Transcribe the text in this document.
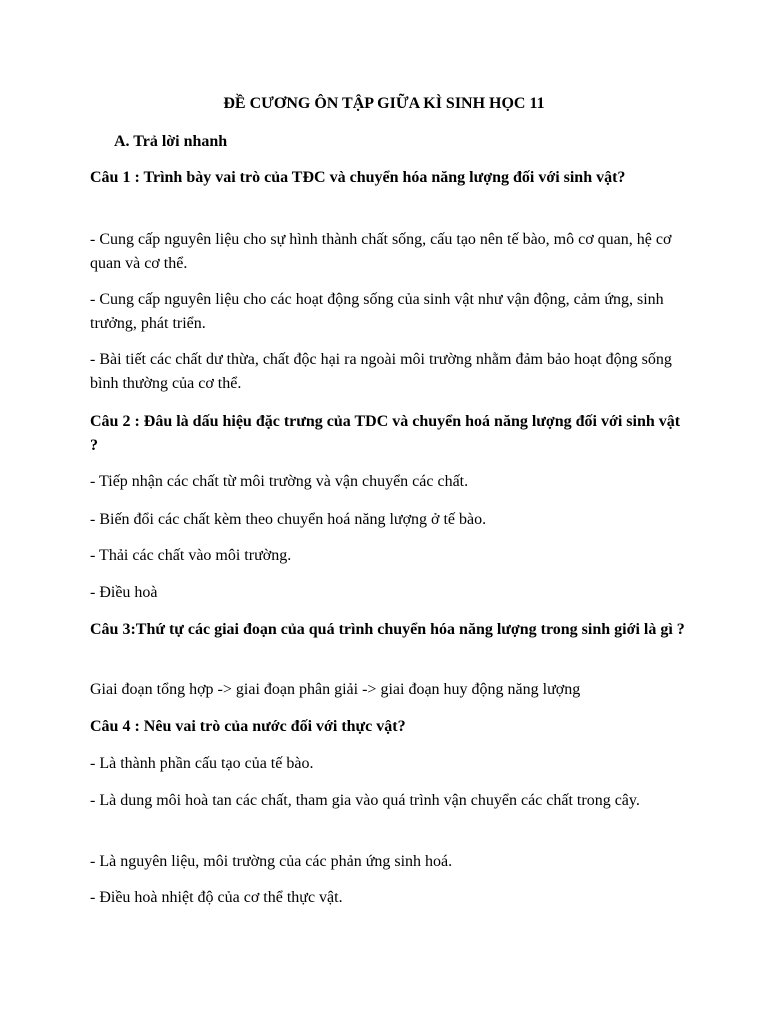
ĐỀ CƯƠNG ÔN TẬP GIỮA KÌ SINH HỌC 11
A. Trả lời nhanh

Câu 1 : Trình bày vai trò của TĐC và chuyển hóa năng lượng đối với sinh vật?

- Cung cấp nguyên liệu cho sự hình thành chất sống, cấu tạo nên tế bào, mô cơ quan, hệ cơ quan và cơ thể.

- Cung cấp nguyên liệu cho các hoạt động sống của sinh vật như vận động, cảm ứng, sinh trưởng, phát triển.

- Bài tiết các chất dư thừa, chất độc hại ra ngoài môi trường nhằm đảm bảo hoạt động sống bình thường của cơ thể.

Câu 2 : Đâu là dấu hiệu đặc trưng của TDC và chuyển hoá năng lượng đối với sinh vật ?

- Tiếp nhận các chất từ môi trường và vận chuyển các chất.

- Biến đổi các chất kèm theo chuyển hoá năng lượng ở tế bào.

- Thải các chất vào môi trường.

- Điều hoà

Câu 3:Thứ tự các giai đoạn của quá trình chuyển hóa năng lượng trong sinh giới là gì ?

Giai đoạn tổng hợp -> giai đoạn phân giải -> giai đoạn huy động năng lượng

Câu 4 : Nêu vai trò của nước đối với thực vật?

- Là thành phần cấu tạo của tế bào.

- Là dung môi hoà tan các chất, tham gia vào quá trình vận chuyển các chất trong cây.

- Là nguyên liệu, môi trường của các phản ứng sinh hoá.

- Điều hoà nhiệt độ của cơ thể thực vật.
